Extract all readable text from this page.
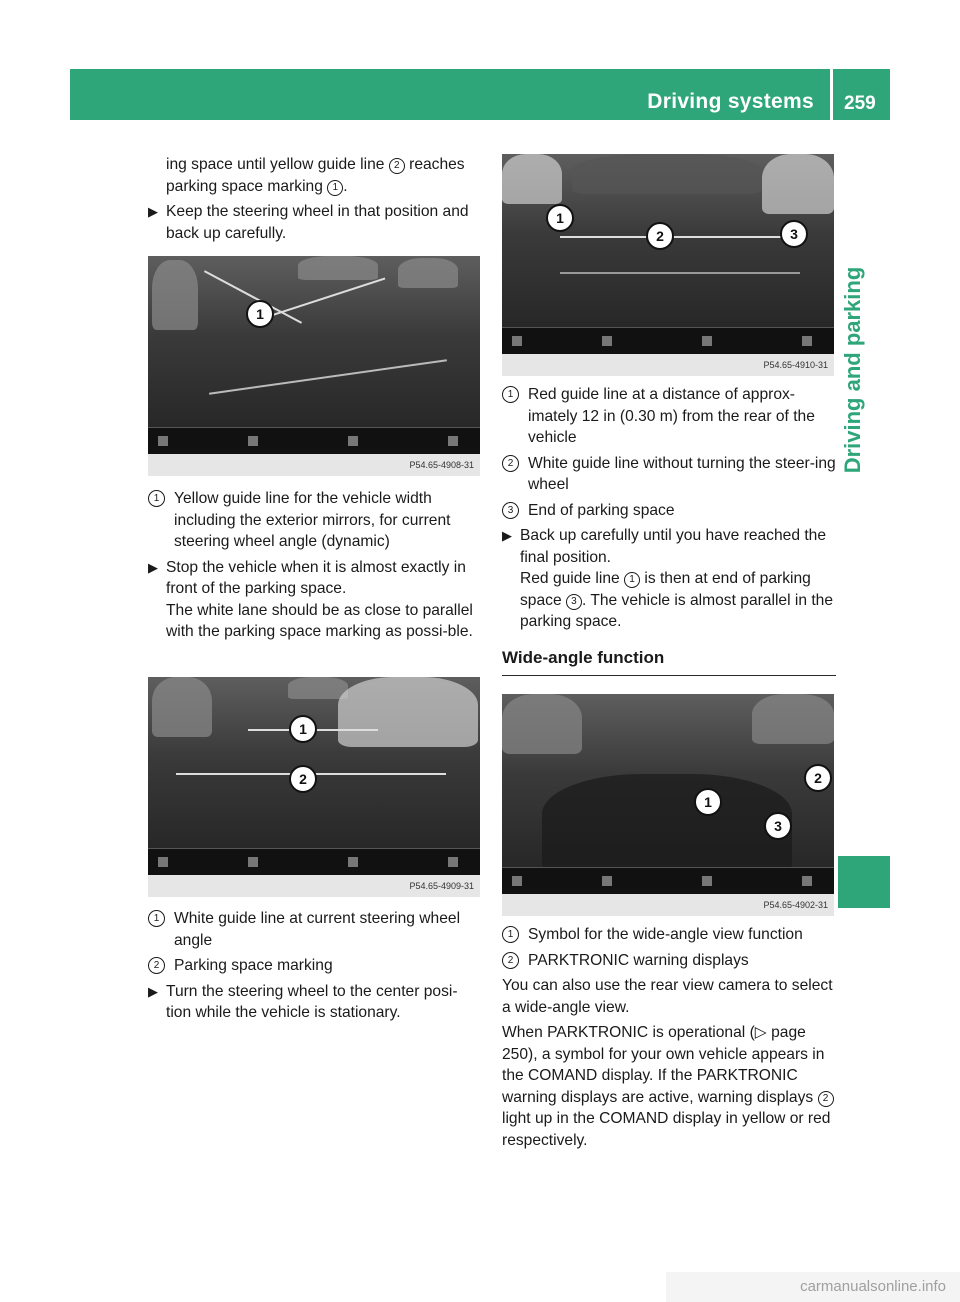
Driving systems 259
Driving and parking

ing space until yellow guide line 2 reaches parking space marking 1 .

▶ Keep the steering wheel in that position and back up carefully.
1
P54.65-4908-31
1 Yellow guide line for the vehicle width including the exterior mirrors, for current steering wheel angle (dynamic)
▶ Stop the vehicle when it is almost exactly in front of the parking space.

The white lane should be as close to parallel with the parking space marking as possi-ble.

1
2
P54.65-4909-31
1 White guide line at current steering wheel angle
2 Parking space marking
▶ Turn the steering wheel to the center posi-tion while the vehicle is stationary.
1
2	3
P54.65-4910-31
1 Red guide line at a distance of approx-imately 12 in (0.30 m) from the rear of the vehicle
2 White guide line without turning the steer-ing wheel
3 End of parking space
▶ Back up carefully until you have reached the final position.

Red guide line 1 is then at end of parking space 3 . The vehicle is almost parallel in the parking space.

Wide-angle function
1
2
3
P54.65-4902-31
1 Symbol for the wide-angle view function
2 PARKTRONIC warning displays

You can also use the rear view camera to select a wide-angle view.

When PARKTRONIC is operational (▷ page 250), a symbol for your own vehicle appears in the COMAND display. If the PARKTRONIC warning displays are active, warning displays 2 light up in the COMAND display in yellow or red respectively.

carmanualsonline.info
